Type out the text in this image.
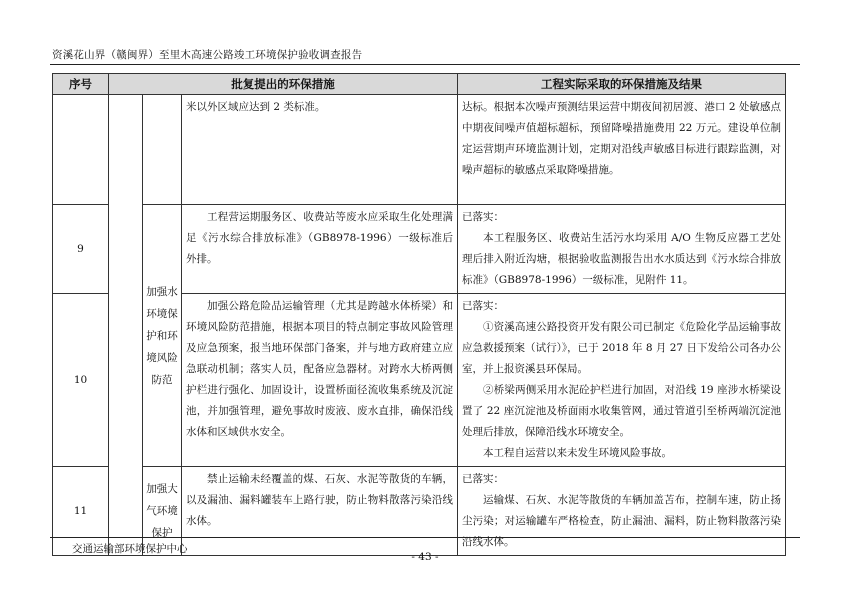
资溪花山界（赣闽界）至里木高速公路竣工环境保护验收调查报告
序号	批复提出的环保措施			工程实际采取的环保措施及结果

			米以外区域应达到 2 类标准。	达标。根据本次噪声预测结果运营中期夜间初居渡、港口 2 处敏感点中期夜间噪声值超标超标，预留降噪措施费用 22 万元。建设单位制定运营期声环境监测计划，定期对沿线声敏感目标进行跟踪监测，对噪声超标的敏感点采取降噪措施。

9		加强水环境保护和环境风险防范	工程营运期服务区、收费站等废水应采取生化处理满足《污水综合排放标准》（GB8978-1996）一级标准后外排。	已落实：
本工程服务区、收费站生活污水均采用 A/O 生物反应器工艺处理后排入附近沟塘，根据验收监测报告出水水质达到《污水综合排放标准》（GB8978-1996）一级标准，见附件 11。

10			加强公路危险品运输管理（尤其是跨越水体桥梁）和环境风险防范措施，根据本项目的特点制定事故风险管理及应急预案，报当地环保部门备案，并与地方政府建立应急联动机制；落实人员，配备应急器材。对跨水大桥两侧护栏进行强化、加固设计，设置桥面径流收集系统及沉淀池，并加强管理，避免事故时废液、废水直排，确保沿线水体和区域供水安全。	已落实：
①资溪高速公路投资开发有限公司已制定《危险化学品运输事故应急救援预案（试行）》，已于 2018 年 8 月 27 日下发给公司各办公室，并上报资溪县环保局。
②桥梁两侧采用水泥砼护栏进行加固，对沿线 19 座涉水桥梁设置了 22 座沉淀池及桥面雨水收集管网，通过管道引至桥两端沉淀池处理后排放，保障沿线水环境安全。
本工程自运营以来未发生环境风险事故。

11		加强大气环境保护	禁止运输未经覆盖的煤、石灰、水泥等散货的车辆，以及漏油、漏料罐装车上路行驶，防止物料散落污染沿线水体。	已落实：
运输煤、石灰、水泥等散货的车辆加盖苫布，控制车速，防止扬尘污染；对运输罐车严格检查，防止漏油、漏料，防止物料散落污染沿线水体。
交通运输部环境保护中心
- 43 -
